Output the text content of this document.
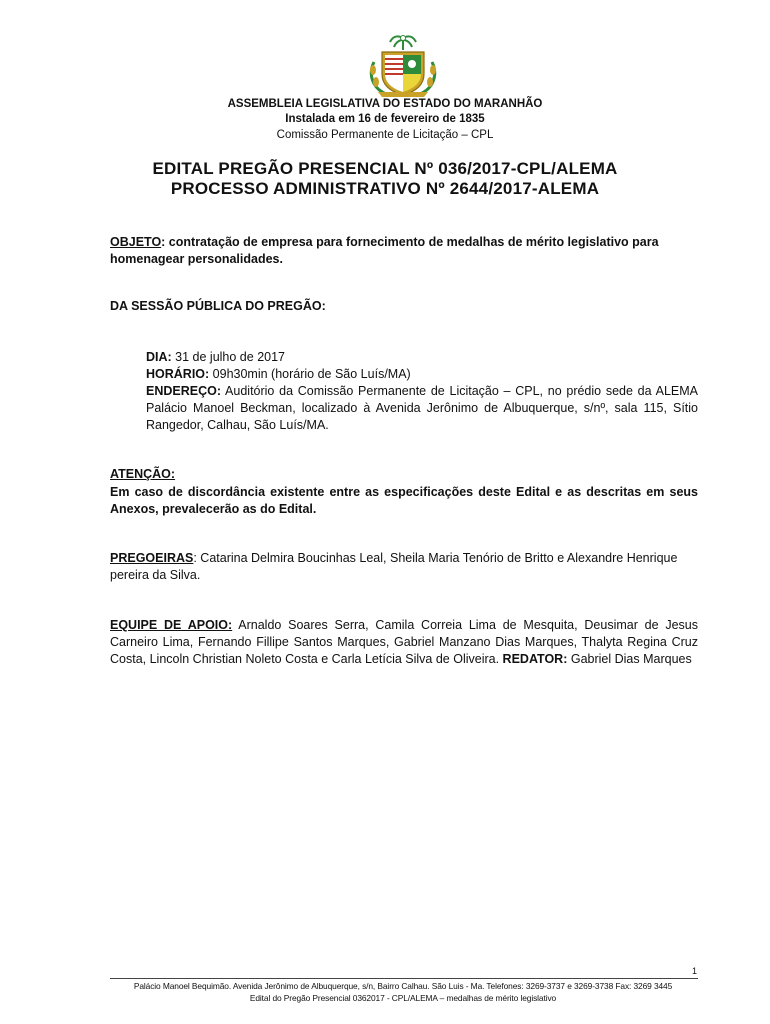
ASSEMBLEIA LEGISLATIVA DO ESTADO DO MARANHÃO
Instalada em 16 de fevereiro de 1835
Comissão Permanente de Licitação – CPL
EDITAL PREGÃO PRESENCIAL Nº 036/2017-CPL/ALEMA
PROCESSO ADMINISTRATIVO Nº 2644/2017-ALEMA
OBJETO: contratação de empresa para fornecimento de medalhas de mérito legislativo para homenagear personalidades.
DA SESSÃO PÚBLICA DO PREGÃO:
DIA: 31 de julho de 2017
HORÁRIO: 09h30min (horário de São Luís/MA)
ENDEREÇO: Auditório da Comissão Permanente de Licitação – CPL, no prédio sede da ALEMA Palácio Manoel Beckman, localizado à Avenida Jerônimo de Albuquerque, s/nº, sala 115, Sítio Rangedor, Calhau, São Luís/MA.
ATENÇÃO:
Em caso de discordância existente entre as especificações deste Edital e as descritas em seus Anexos, prevalecerão as do Edital.
PREGOEIRAS: Catarina Delmira Boucinhas Leal, Sheila Maria Tenório de Britto e Alexandre Henrique pereira da Silva.
EQUIPE DE APOIO: Arnaldo Soares Serra, Camila Correia Lima de Mesquita, Deusimar de Jesus Carneiro Lima, Fernando Fillipe Santos Marques, Gabriel Manzano Dias Marques, Thalyta Regina Cruz Costa, Lincoln Christian Noleto Costa e Carla Letícia Silva de Oliveira. REDATOR: Gabriel Dias Marques
1
Palácio Manoel Bequimão. Avenida Jerônimo de Albuquerque, s/n, Bairro Calhau. São Luis - Ma. Telefones: 3269-3737 e 3269-3738 Fax: 3269 3445
Edital do Pregão Presencial 0362017 - CPL/ALEMA – medalhas de mérito legislativo
